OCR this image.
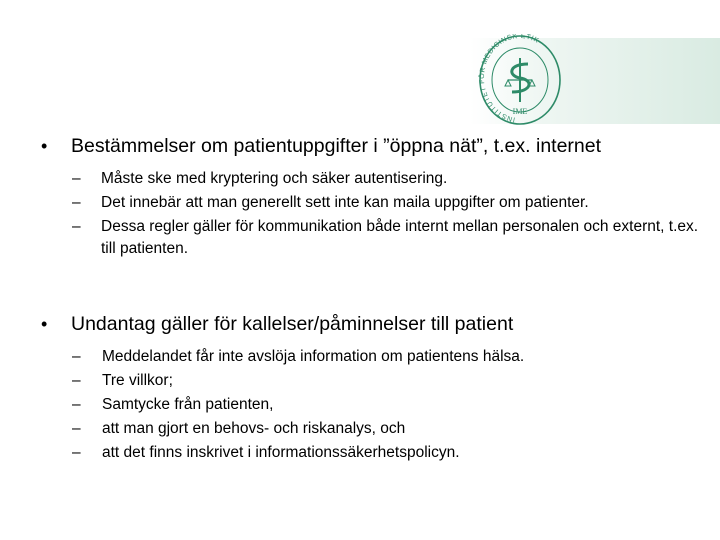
INSTITUTET FÖR MEDICINSK ETIK
IME
• Bestämmelser om patientuppgifter i ”öppna nät”, t.ex. internet
– Måste ske med kryptering och säker autentisering.
– Det innebär att man generellt sett inte kan maila uppgifter om patienter.
– Dessa regler gäller för kommunikation både internt mellan personalen och externt, t.ex. till patienten.
• Undantag gäller för kallelser/påminnelser till patient
– Meddelandet får inte avslöja information om patientens hälsa.
– Tre villkor;
– Samtycke från patienten,
– att man gjort en behovs- och riskanalys, och
– att det finns inskrivet i informationssäkerhetspolicyn.
